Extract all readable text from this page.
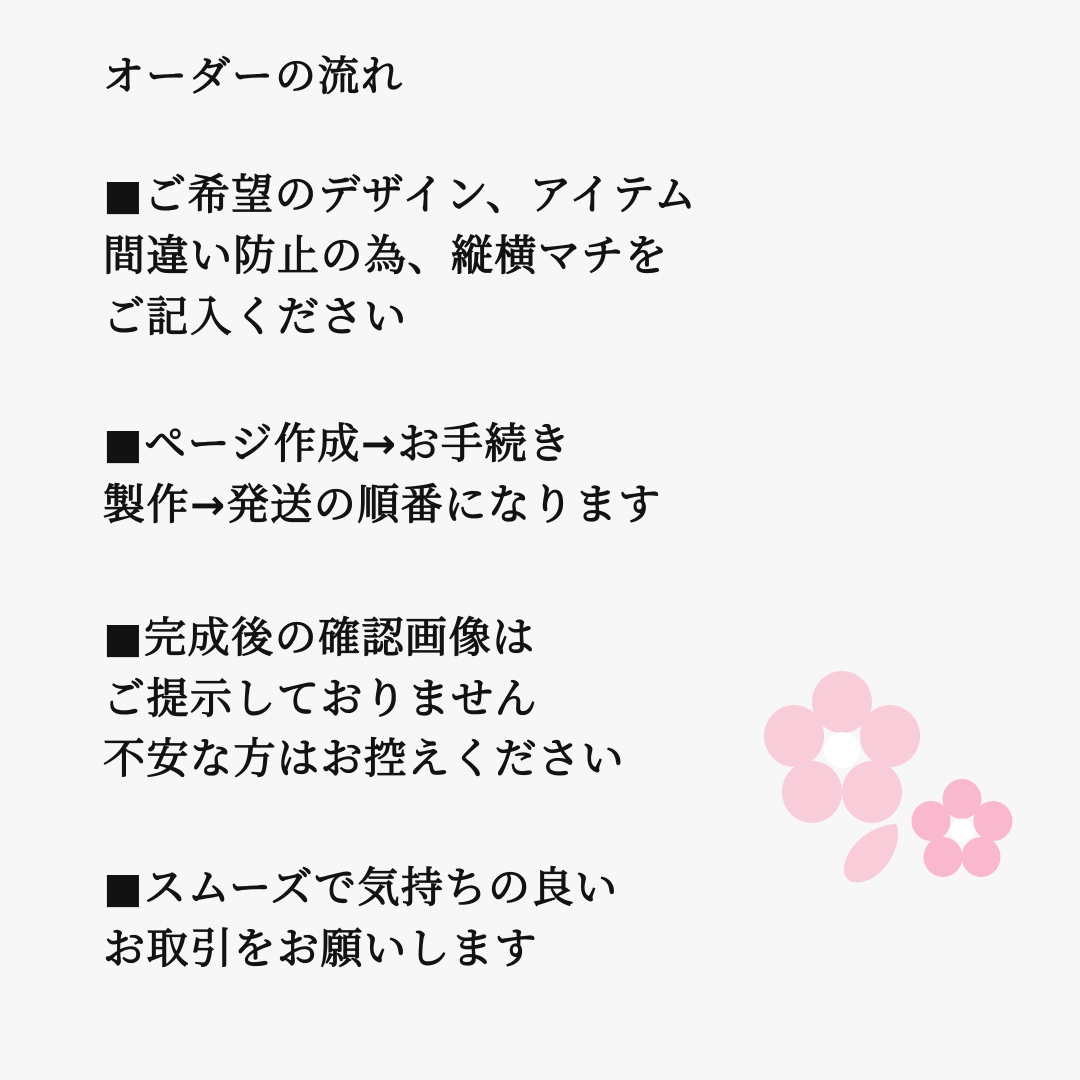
オーダーの流れ
■ご希望のデザイン、アイテム
間違い防止の為、縦横マチを
ご記入ください
■ページ作成→お手続き
製作→発送の順番になります
■完成後の確認画像は
ご提示しておりません
不安な方はお控えください
■スムーズで気持ちの良い
お取引をお願いします
